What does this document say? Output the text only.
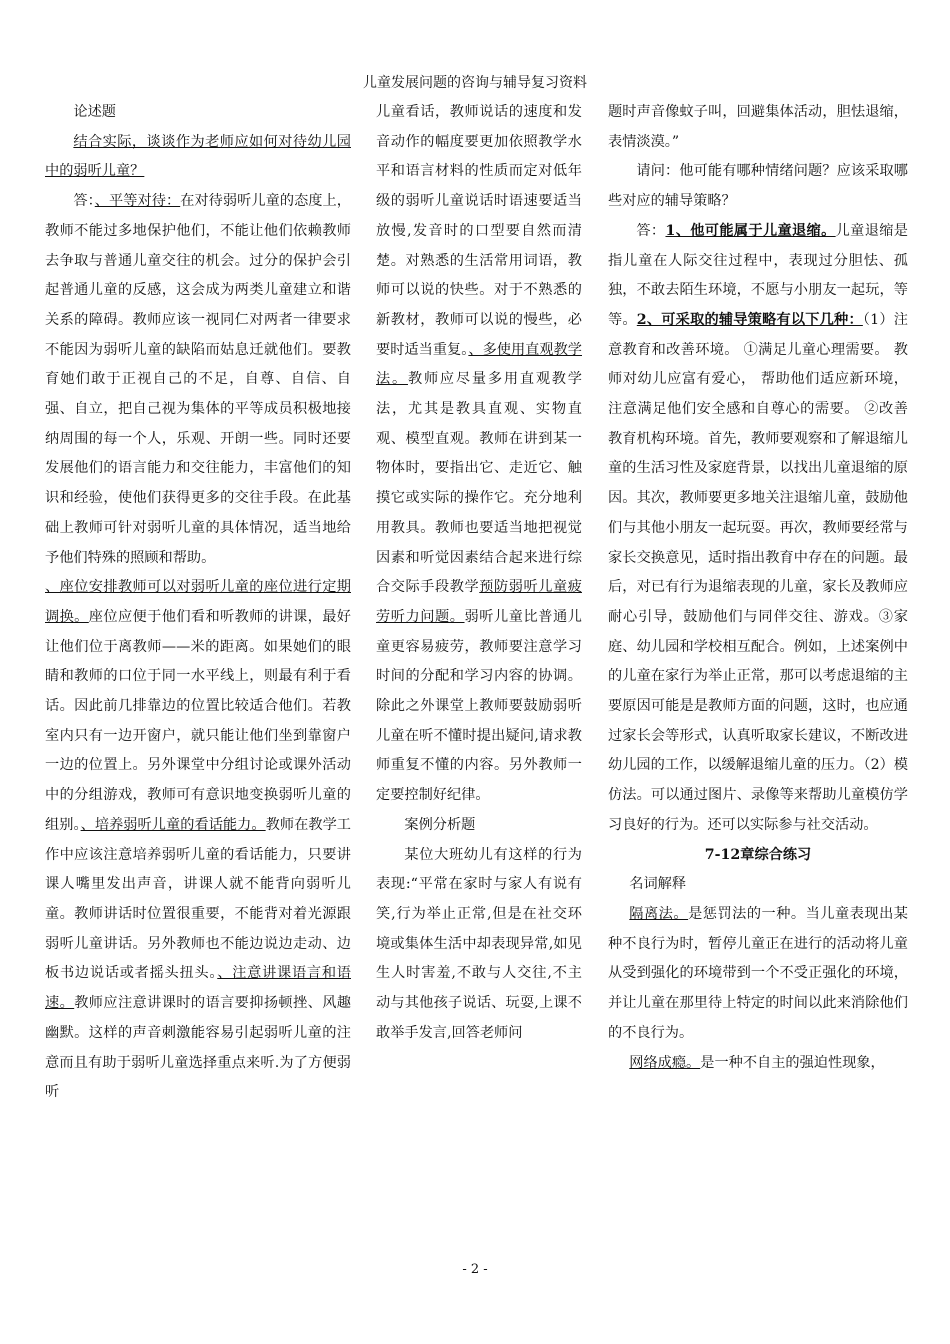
儿童发展问题的咨询与辅导复习资料

论述题

结合实际，谈谈作为老师应如何对待幼儿园中的弱听儿童？

答：、平等对待：在对待弱听儿童的态度上，教师不能过多地保护他们，不能让他们依赖教师去争取与普通儿童交往的机会。过分的保护会引起普通儿童的反感，这会成为两类儿童建立和谐关系的障碍。教师应该一视同仁对两者一律要求不能因为弱听儿童的缺陷而姑息迁就他们。要教育她们敢于正视自己的不足，自尊、自信、自强、自立，把自己视为集体的平等成员积极地接纳周围的每一个人，乐观、开朗一些。同时还要发展他们的语言能力和交往能力，丰富他们的知识和经验，使他们获得更多的交往手段。在此基础上教师可针对弱听儿童的具体情况，适当地给予他们特殊的照顾和帮助。

、座位安排教师可以对弱听儿童的座位进行定期调换。座位应便于他们看和听教师的讲课，最好让他们位于离教师——米的距离。如果她们的眼睛和教师的口位于同一水平线上，则最有利于看话。因此前几排靠边的位置比较适合他们。若教室内只有一边开窗户，就只能让他们坐到靠窗户一边的位置上。另外课堂中分组讨论或课外活动中的分组游戏，教师可有意识地变换弱听儿童的组别。、培养弱听儿童的看话能力。教师在教学工作中应该注意培养弱听儿童的看话能力，只要讲课人嘴里发出声音，讲课人就不能背向弱听儿童。教师讲话时位置很重要，不能背对着光源跟弱听儿童讲话。另外教师也不能边说边走动、边板书边说话或者摇头扭头。、注意讲课语言和语速。教师应注意讲课时的语言要抑扬顿挫、风趣幽默。这样的声音刺激能容易引起弱听儿童的注意而且有助于弱听儿童选择重点来听.为了方便弱听

儿童看话，教师说话的速度和发音动作的幅度要更加依照教学水平和语言材料的性质而定对低年级的弱听儿童说话时语速要适当放慢,发音时的口型要自然而清楚。对熟悉的生活常用词语，教师可以说的快些。对于不熟悉的新教材，教师可以说的慢些，必要时适当重复。、多使用直观教学法。教师应尽量多用直观教学法，尤其是教具直观、实物直观、模型直观。教师在讲到某一物体时，要指出它、走近它、触摸它或实际的操作它。充分地利用教具。教师也要适当地把视觉因素和听觉因素结合起来进行综合交际手段教学预防弱听儿童疲劳听力问题。弱听儿童比普通儿童更容易疲劳，教师要注意学习时间的分配和学习内容的协调。除此之外课堂上教师要鼓励弱听儿童在听不懂时提出疑问,请求教师重复不懂的内容。另外教师一定要控制好纪律。

案例分析题

某位大班幼儿有这样的行为表现:“平常在家时与家人有说有笑,行为举止正常,但是在社交环境或集体生活中却表现异常,如见生人时害羞,不敢与人交往,不主动与其他孩子说话、玩耍,上课不敢举手发言,回答老师问

题时声音像蚊子叫，回避集体活动，胆怯退缩，表情淡漠。”

请问：他可能有哪种情绪问题？应该采取哪些对应的辅导策略？

答：1、他可能属于儿童退缩。儿童退缩是指儿童在人际交往过程中，表现过分胆怯、孤独，不敢去陌生环境，不愿与小朋友一起玩，等等。2、可采取的辅导策略有以下几种：（1）注意教育和改善环境。 ①满足儿童心理需要。 教师对幼儿应富有爱心， 帮助他们适应新环境， 注意满足他们安全感和自尊心的需要。 ②改善教育机构环境。首先，教师要观察和了解退缩儿童的生活习性及家庭背景，以找出儿童退缩的原因。其次，教师要更多地关注退缩儿童，鼓励他们与其他小朋友一起玩耍。再次，教师要经常与家长交换意见，适时指出教育中存在的问题。最后，对已有行为退缩表现的儿童，家长及教师应耐心引导，鼓励他们与同伴交往、游戏。③家庭、幼儿园和学校相互配合。例如，上述案例中的儿童在家行为举止正常，那可以考虑退缩的主要原因可能是是教师方面的问题，这时，也应通过家长会等形式，认真听取家长建议，不断改进幼儿园的工作，以缓解退缩儿童的压力。（2）模仿法。可以通过图片、录像等来帮助儿童模仿学习良好的行为。还可以实际参与社交活动。

7-12章综合练习

名词解释

隔离法。是惩罚法的一种。当儿童表现出某种不良行为时，暂停儿童正在进行的活动将儿童从受到强化的环境带到一个不受正强化的环境，并让儿童在那里待上特定的时间以此来消除他们的不良行为。

网络成瘾。是一种不自主的强迫性现象，

- 2 -
